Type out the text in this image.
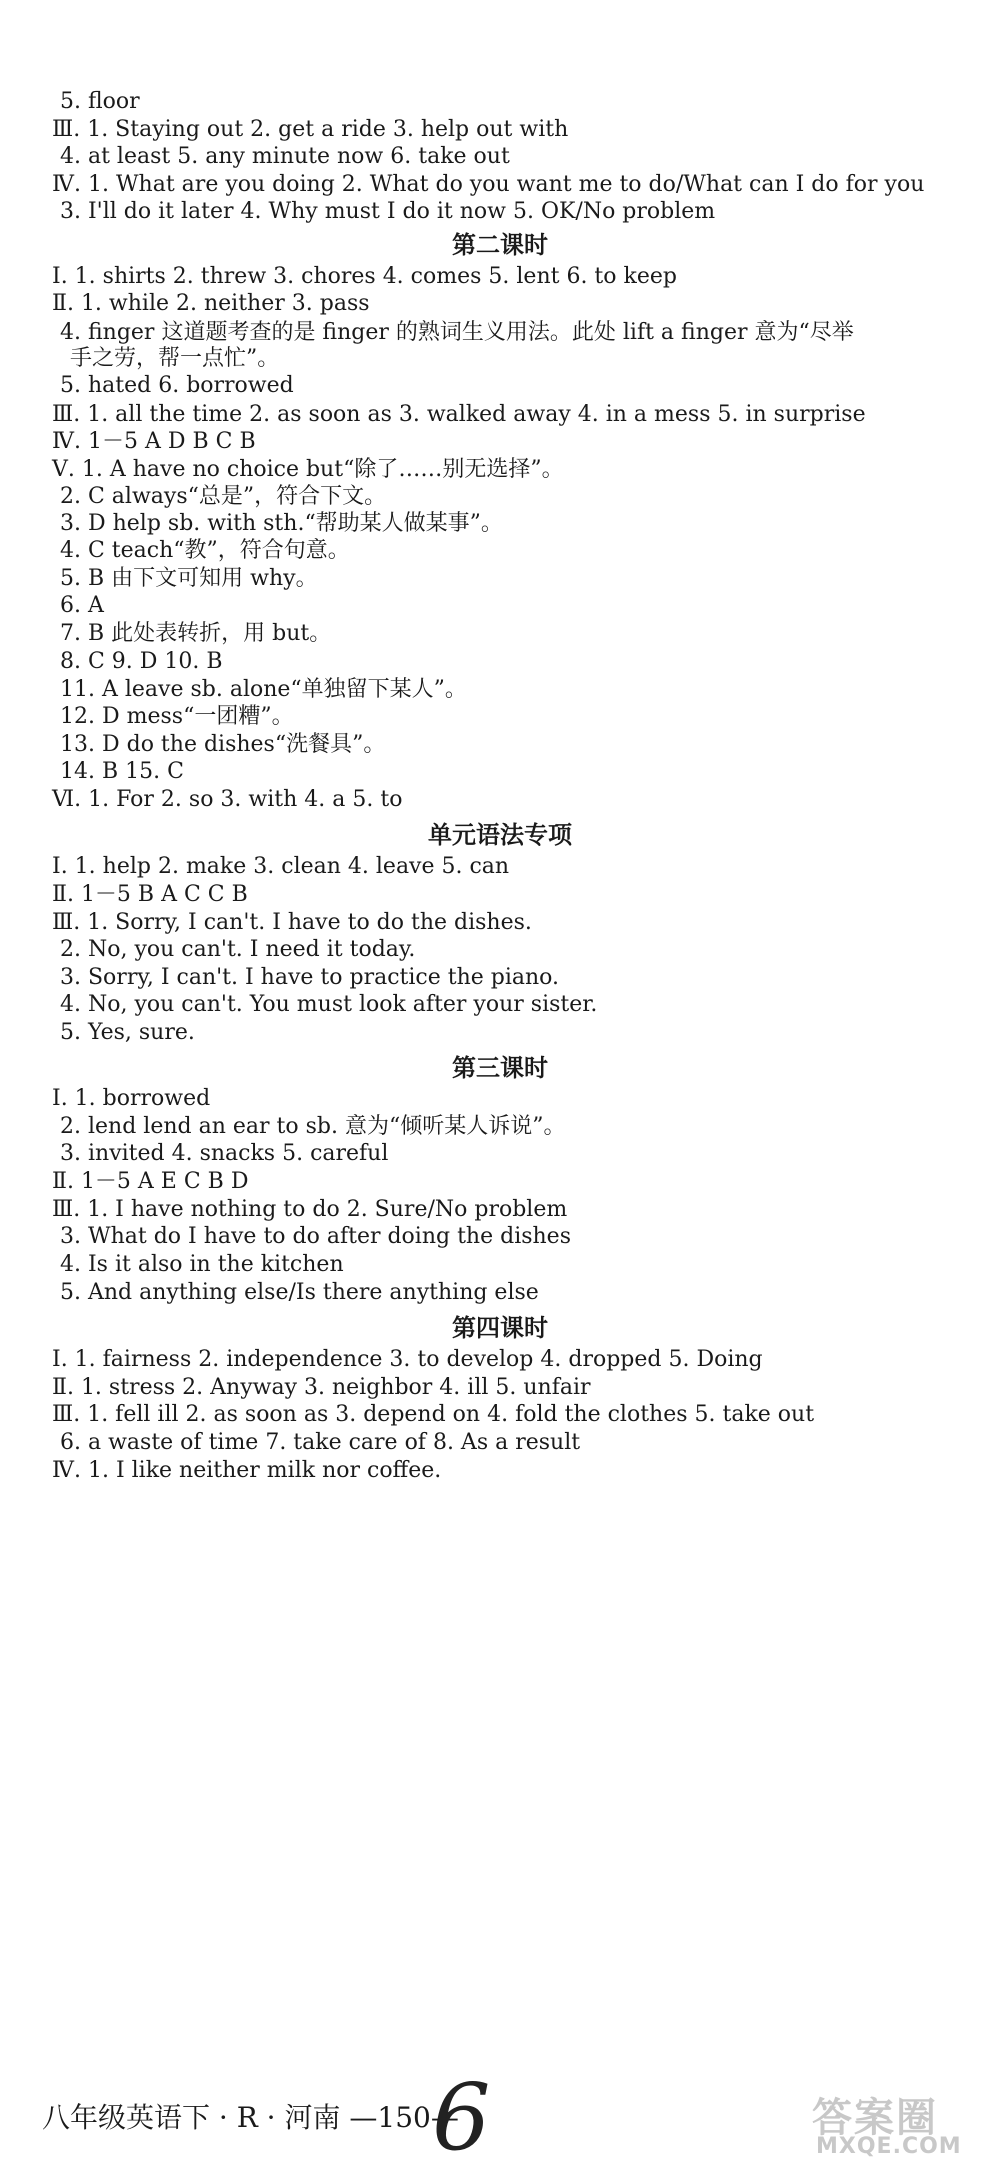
5. floor
Ⅲ. 1. Staying out 2. get a ride 3. help out with
4. at least 5. any minute now 6. take out
Ⅳ. 1. What are you doing 2. What do you want me to do/What can I do for you
3. I'll do it later 4. Why must I do it now 5. OK/No problem
第二课时
Ⅰ. 1. shirts 2. threw 3. chores 4. comes 5. lent 6. to keep
Ⅱ. 1. while 2. neither 3. pass
4. finger 这道题考查的是 finger 的熟词生义用法。此处 lift a finger 意为“尽举
手之劳，帮一点忙”。
5. hated 6. borrowed
Ⅲ. 1. all the time 2. as soon as 3. walked away 4. in a mess 5. in surprise
Ⅳ. 1－5 A D B C B
Ⅴ. 1. A have no choice but“除了……别无选择”。
2. C always“总是”，符合下文。
3. D help sb. with sth.“帮助某人做某事”。
4. C teach“教”，符合句意。
5. B 由下文可知用 why。
6. A
7. B 此处表转折，用 but。
8. C 9. D 10. B
11. A leave sb. alone“单独留下某人”。
12. D mess“一团糟”。
13. D do the dishes“洗餐具”。
14. B 15. C
Ⅵ. 1. For 2. so 3. with 4. a 5. to
单元语法专项
Ⅰ. 1. help 2. make 3. clean 4. leave 5. can
Ⅱ. 1－5 B A C C B
Ⅲ. 1. Sorry, I can't. I have to do the dishes.
2. No, you can't. I need it today.
3. Sorry, I can't. I have to practice the piano.
4. No, you can't. You must look after your sister.
5. Yes, sure.
第三课时
Ⅰ. 1. borrowed
2. lend lend an ear to sb. 意为“倾听某人诉说”。
3. invited 4. snacks 5. careful
Ⅱ. 1－5 A E C B D
Ⅲ. 1. I have nothing to do 2. Sure/No problem
3. What do I have to do after doing the dishes
4. Is it also in the kitchen
5. And anything else/Is there anything else
第四课时
Ⅰ. 1. fairness 2. independence 3. to develop 4. dropped 5. Doing
Ⅱ. 1. stress 2. Anyway 3. neighbor 4. ill 5. unfair
Ⅲ. 1. fell ill 2. as soon as 3. depend on 4. fold the clothes 5. take out
6. a waste of time 7. take care of 8. As a result
Ⅳ. 1. I like neither milk nor coffee.
八年级英语下 · R · 河南 —150—
6	答案圈
MXQE.COM
